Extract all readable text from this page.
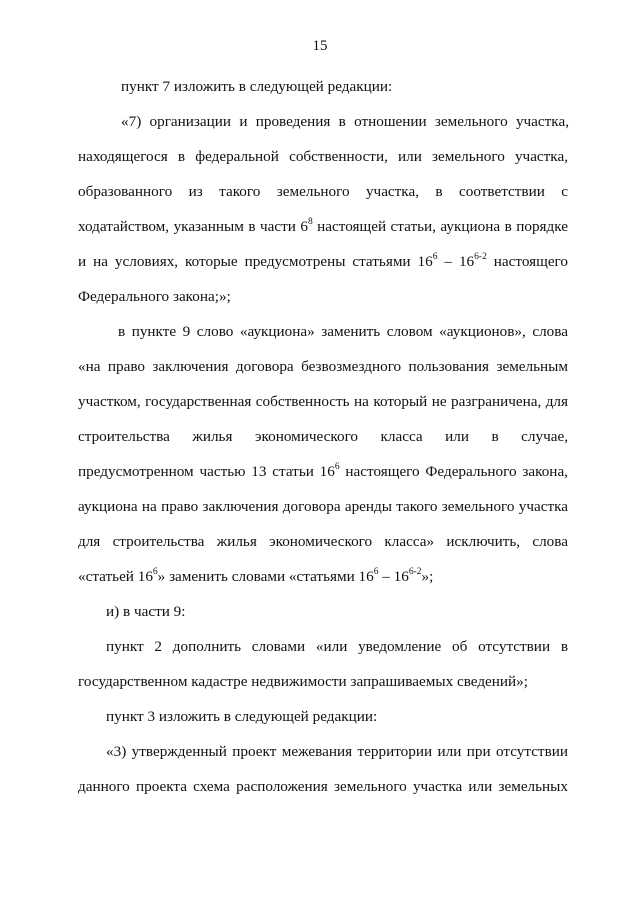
15
пункт 7 изложить в следующей редакции:
«7) организации и проведения в отношении земельного участка,
находящегося в федеральной собственности, или земельного участка,
образованного из такого земельного участка, в соответствии с
ходатайством, указанным в части $6^8$ настоящей статьи, аукциона в порядке
и на условиях, которые предусмотрены статьями $16^6 - 16^{6-2}$ настоящего
Федерального закона;»;
в пункте 9 слово «аукциона» заменить словом «аукционов», слова
«на право заключения договора безвозмездного пользования земельным
участком, государственная собственность на который не разграничена, для
строительства жилья экономического класса или в случае,
предусмотренном частью 13 статьи $16^6$ настоящего Федерального закона,
аукциона на право заключения договора аренды такого земельного участка
для строительства жилья экономического класса» исключить, слова
«статьей $16^6$» заменить словами «статьями $16^6 - 16^{6-2}$»;
и) в части 9:
пункт 2 дополнить словами «или уведомление об отсутствии в
государственном кадастре недвижимости запрашиваемых сведений»;
пункт 3 изложить в следующей редакции:
«3) утвержденный проект межевания территории или при отсутствии
данного проекта схема расположения земельного участка или земельных
